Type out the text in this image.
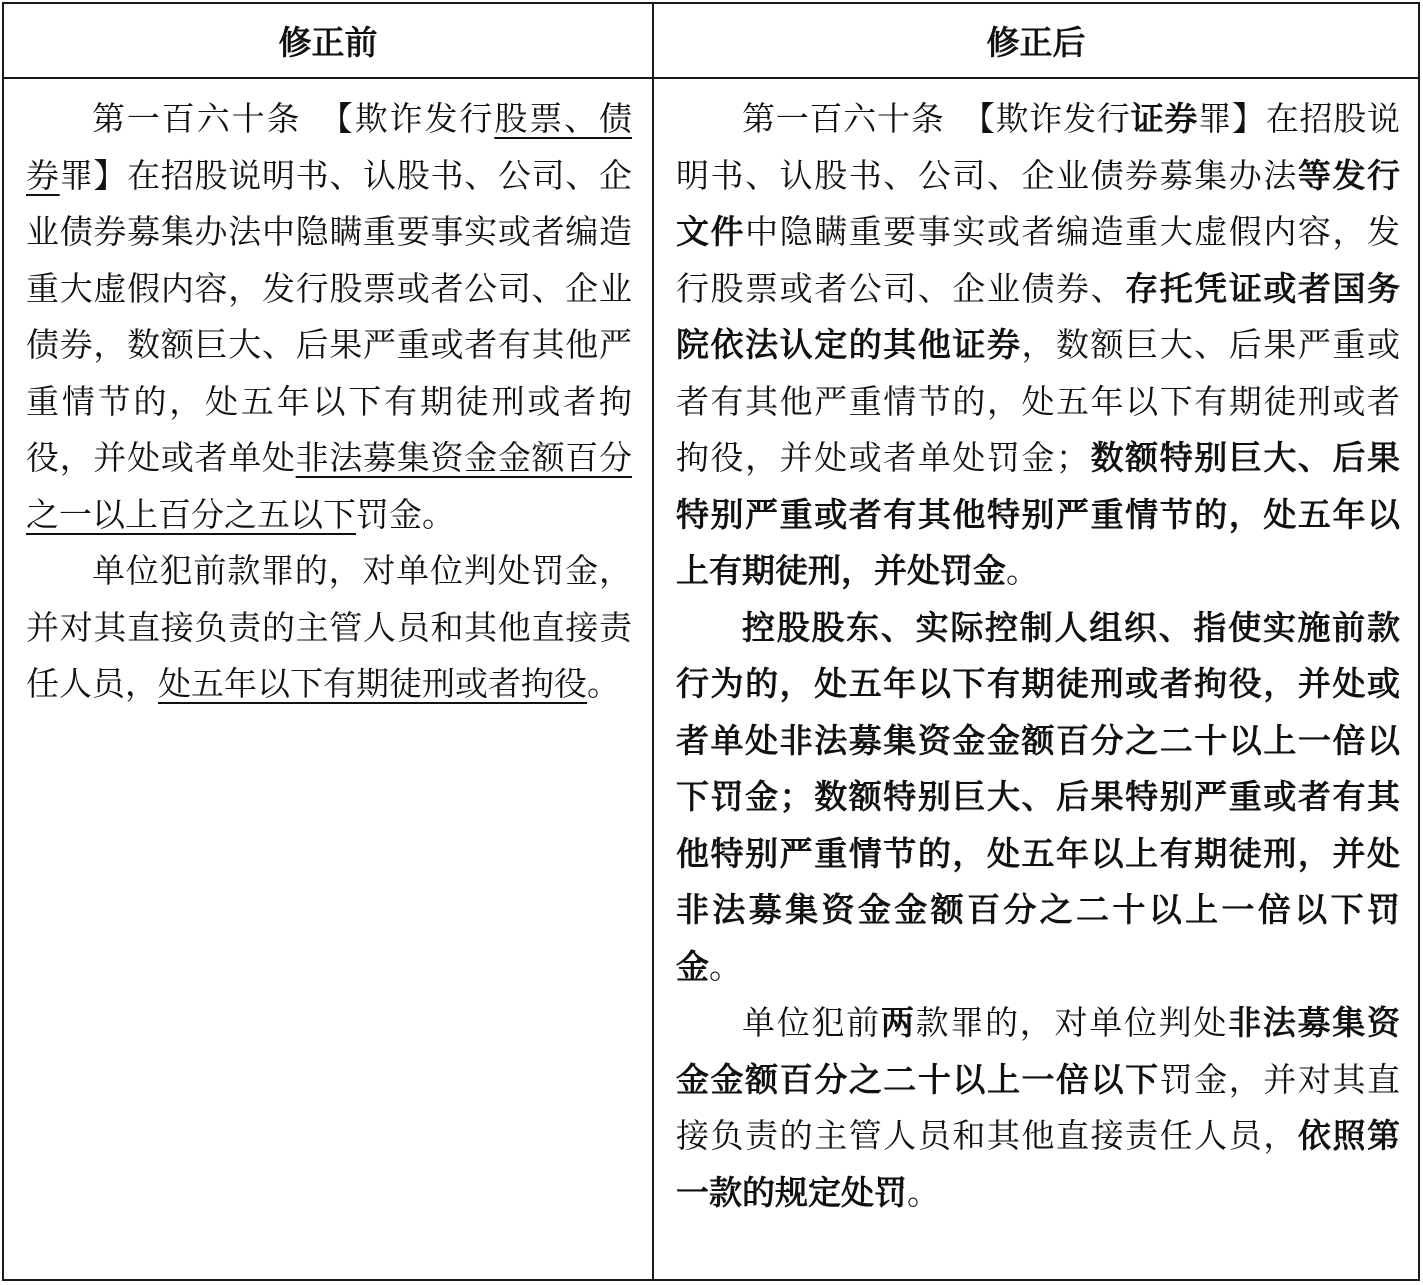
修正前	修正后

第一百六十条　【欺诈发行股票、债券罪】在招股说明书、认股书、公司、企业债券募集办法中隐瞒重要事实或者编造重大虚假内容，发行股票或者公司、企业债券，数额巨大、后果严重或者有其他严重情节的，处五年以下有期徒刑或者拘役，并处或者单处非法募集资金金额百分之一以上百分之五以下罚金。

单位犯前款罪的，对单位判处罚金，并对其直接负责的主管人员和其他直接责任人员，处五年以下有期徒刑或者拘役。

第一百六十条　【欺诈发行证券罪】在招股说明书、认股书、公司、企业债券募集办法等发行文件中隐瞒重要事实或者编造重大虚假内容，发行股票或者公司、企业债券、存托凭证或者国务院依法认定的其他证券，数额巨大、后果严重或者有其他严重情节的，处五年以下有期徒刑或者拘役，并处或者单处罚金；数额特别巨大、后果特别严重或者有其他特别严重情节的，处五年以上有期徒刑，并处罚金。

控股股东、实际控制人组织、指使实施前款行为的，处五年以下有期徒刑或者拘役，并处或者单处非法募集资金金额百分之二十以上一倍以下罚金；数额特别巨大、后果特别严重或者有其他特别严重情节的，处五年以上有期徒刑，并处非法募集资金金额百分之二十以上一倍以下罚金。

单位犯前两款罪的，对单位判处非法募集资金金额百分之二十以上一倍以下罚金，并对其直接负责的主管人员和其他直接责任人员，依照第一款的规定处罚。
